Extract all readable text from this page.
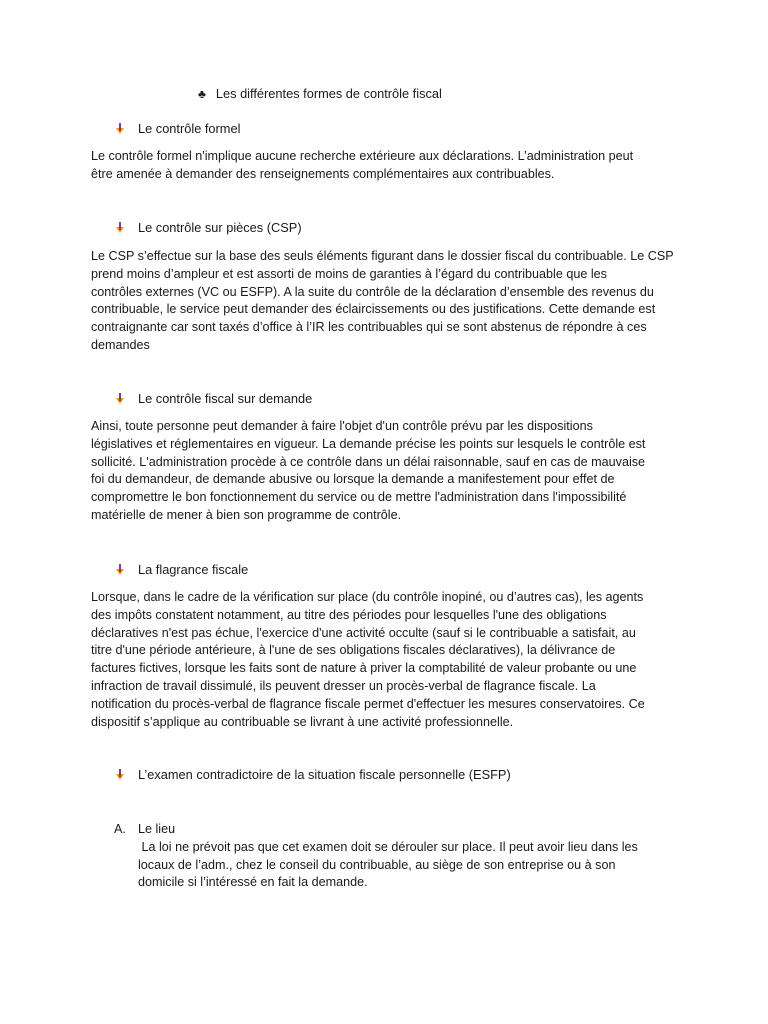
♣ Les différentes formes de contrôle fiscal
Le contrôle formel

Le contrôle formel n'implique aucune recherche extérieure aux déclarations. L’administration peut
être amenée à demander des renseignements complémentaires aux contribuables.

Le contrôle sur pièces (CSP)

Le CSP s’effectue sur la base des seuls éléments figurant dans le dossier fiscal du contribuable. Le CSP
prend moins d’ampleur et est assorti de moins de garanties à l’égard du contribuable que les
contrôles externes (VC ou ESFP). A la suite du contrôle de la déclaration d’ensemble des revenus du
contribuable, le service peut demander des éclaircissements ou des justifications. Cette demande est
contraignante car sont taxés d’office à l’IR les contribuables qui se sont abstenus de répondre à ces
demandes

Le contrôle fiscal sur demande

Ainsi, toute personne peut demander à faire l'objet d'un contrôle prévu par les dispositions
législatives et réglementaires en vigueur. La demande précise les points sur lesquels le contrôle est
sollicité. L'administration procède à ce contrôle dans un délai raisonnable, sauf en cas de mauvaise
foi du demandeur, de demande abusive ou lorsque la demande a manifestement pour effet de
compromettre le bon fonctionnement du service ou de mettre l'administration dans l'impossibilité
matérielle de mener à bien son programme de contrôle.

La flagrance fiscale

Lorsque, dans le cadre de la vérification sur place (du contrôle inopiné, ou d’autres cas), les agents
des impôts constatent notamment, au titre des périodes pour lesquelles l'une des obligations
déclaratives n'est pas échue, l'exercice d'une activité occulte (sauf si le contribuable a satisfait, au
titre d'une période antérieure, à l'une de ses obligations fiscales déclaratives), la délivrance de
factures fictives, lorsque les faits sont de nature à priver la comptabilité de valeur probante ou une
infraction de travail dissimulé, ils peuvent dresser un procès-verbal de flagrance fiscale. La
notification du procès-verbal de flagrance fiscale permet d'effectuer les mesures conservatoires. Ce
dispositif s’applique au contribuable se livrant à une activité professionnelle.

L’examen contradictoire de la situation fiscale personnelle (ESFP)
A. Le lieu
La loi ne prévoit pas que cet examen doit se dérouler sur place. Il peut avoir lieu dans les
locaux de l’adm., chez le conseil du contribuable, au siège de son entreprise ou à son
domicile si l’intéressé en fait la demande.
